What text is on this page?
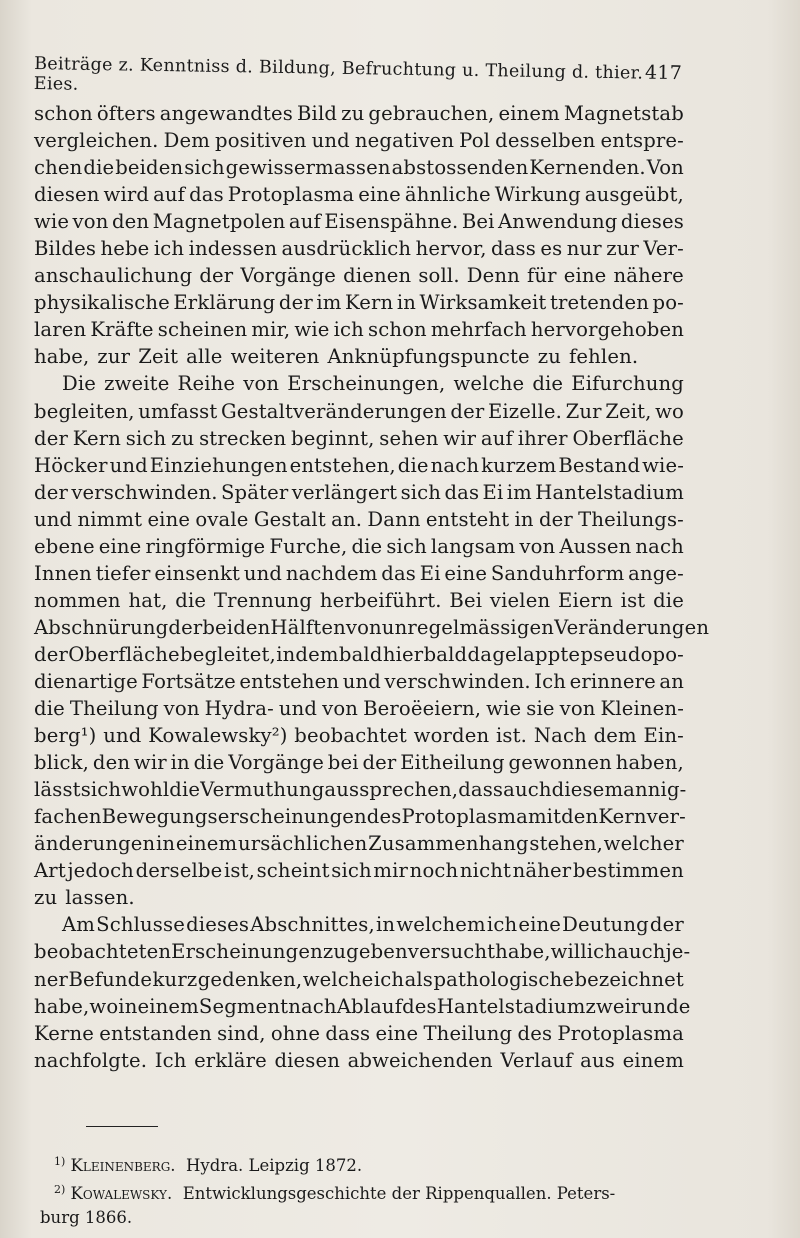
Beiträge z. Kenntniss d. Bildung, Befruchtung u. Theilung d. thier. Eies.
417
schon öfters angewandtes Bild zu gebrauchen, einem Magnetstab
vergleichen. Dem positiven und negativen Pol desselben entspre-
chen die beiden sich gewissermassen abstossenden Kernenden. Von
diesen wird auf das Protoplasma eine ähnliche Wirkung ausgeübt,
wie von den Magnetpolen auf Eisenspähne. Bei Anwendung dieses
Bildes hebe ich indessen ausdrücklich hervor, dass es nur zur Ver-
anschaulichung der Vorgänge dienen soll. Denn für eine nähere
physikalische Erklärung der im Kern in Wirksamkeit tretenden po-
laren Kräfte scheinen mir, wie ich schon mehrfach hervorgehoben
habe, zur Zeit alle weiteren Anknüpfungspuncte zu fehlen.
Die zweite Reihe von Erscheinungen, welche die Eifurchung
begleiten, umfasst Gestaltveränderungen der Eizelle. Zur Zeit, wo
der Kern sich zu strecken beginnt, sehen wir auf ihrer Oberfläche
Höcker und Einziehungen entstehen, die nach kurzem Bestand wie-
der verschwinden. Später verlängert sich das Ei im Hantelstadium
und nimmt eine ovale Gestalt an. Dann entsteht in der Theilungs-
ebene eine ringförmige Furche, die sich langsam von Aussen nach
Innen tiefer einsenkt und nachdem das Ei eine Sanduhrform ange-
nommen hat, die Trennung herbeiführt. Bei vielen Eiern ist die
Abschnürung der beiden Hälften von unregelmässigen Veränderungen
der Oberfläche begleitet, indem bald hier bald da gelappte pseudopo-
dienartige Fortsätze entstehen und verschwinden. Ich erinnere an
die Theilung von Hydra- und von Beroëeiern, wie sie von Kleinen-
berg¹) und Kowalewsky²) beobachtet worden ist. Nach dem Ein-
blick, den wir in die Vorgänge bei der Eitheilung gewonnen haben,
lässt sich wohl die Vermuthung aussprechen, dass auch diese mannig-
fachen Bewegungserscheinungen des Protoplasma mit den Kernver-
änderungen in einem ursächlichen Zusammenhang stehen, welcher
Art jedoch derselbe ist, scheint sich mir noch nicht näher bestimmen
zu lassen.
Am Schlusse dieses Abschnittes, in welchem ich eine Deutung der
beobachteten Erscheinungen zu geben versucht habe, will ich auch je-
ner Befunde kurz gedenken, welche ich als pathologische bezeichnet
habe, wo in einem Segment nach Ablauf des Hantelstadium zwei runde
Kerne entstanden sind, ohne dass eine Theilung des Protoplasma
nachfolgte. Ich erkläre diesen abweichenden Verlauf aus einem
$^{1)}$ Kleinenberg. Hydra. Leipzig 1872.
$^{2)}$ Kowalewsky. Entwicklungsgeschichte der Rippenquallen. Peters-
burg 1866.
